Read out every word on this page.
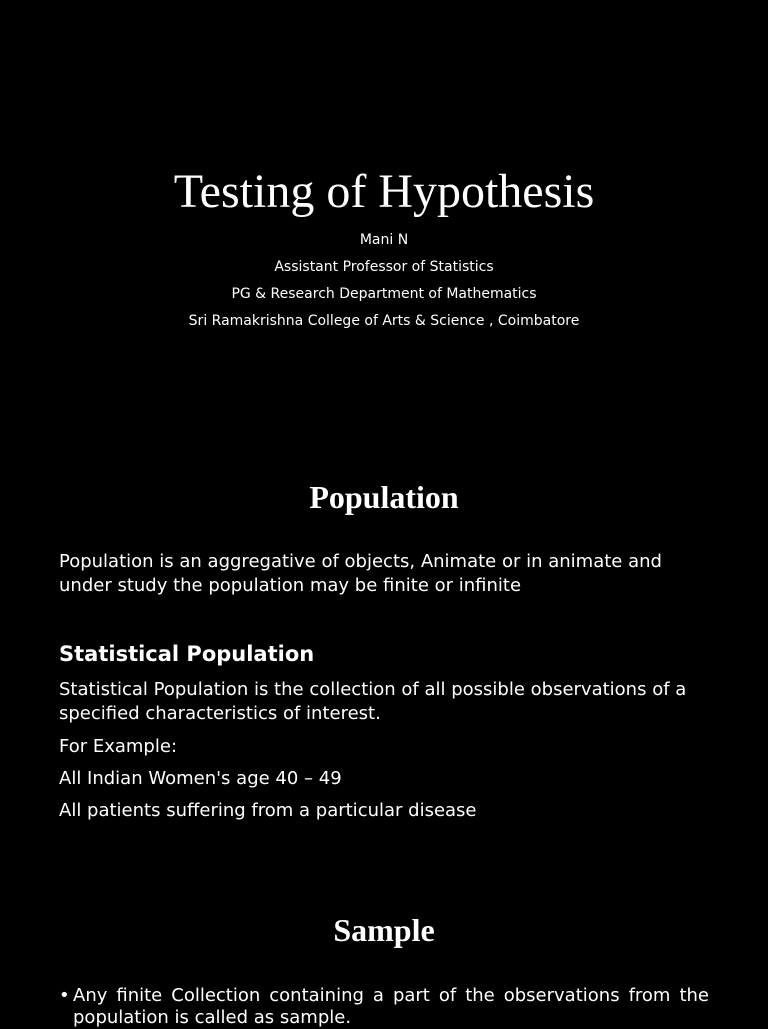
Testing of Hypothesis
Mani N
Assistant Professor of Statistics
PG & Research Department of Mathematics
Sri Ramakrishna College of Arts & Science , Coimbatore
Population

Population is an aggregative of objects, Animate or in animate and under study the population may be finite or infinite

Statistical Population

Statistical Population is the collection of all possible observations of a specified characteristics of interest.

For Example:
All Indian Women's age 40 – 49
All patients suffering from a particular disease
Sample
• Any finite Collection containing a part of the observations from the population is called as sample.
